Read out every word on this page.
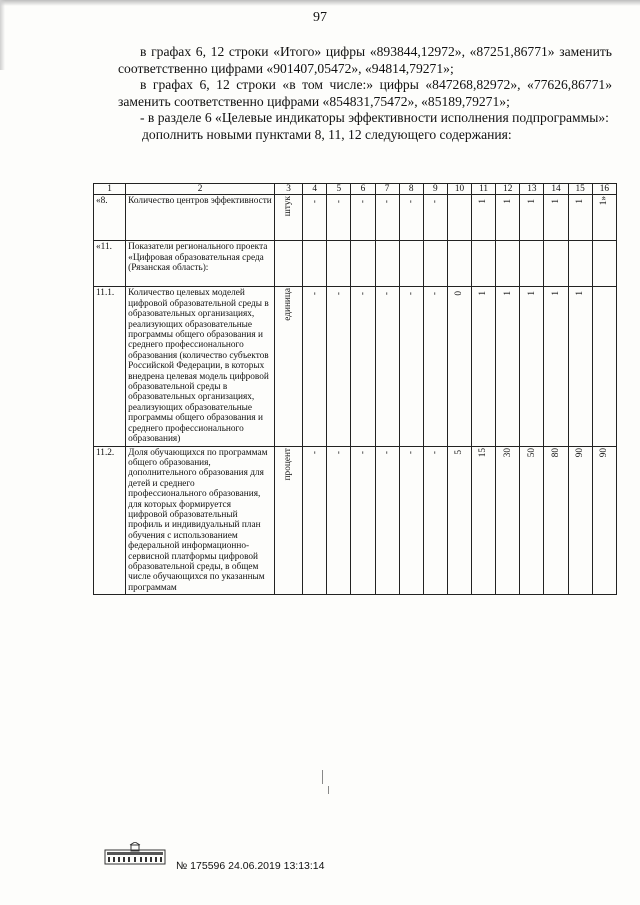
97

в графах 6, 12 строки «Итого» цифры «893844,12972», «87251,86771» заменить соответственно цифрами «901407,05472», «94814,79271»;

в графах 6, 12 строки «в том числе:» цифры «847268,82972», «77626,86771» заменить соответственно цифрами «854831,75472», «85189,79271»;

- в разделе 6 «Целевые индикаторы эффективности исполнения подпрограммы»:

дополнить новыми пунктами 8, 11, 12 следующего содержания:

1	2	3	4	5	6	7	8	9	10	11	12	13	14	15	16
«8.	Количество центров эффективности	штук	-	-	-	-	-	-		1	1	1	1	1	1»
«11.	Показатели регионального проекта «Цифровая образовательная среда (Рязанская область):														
11.1.	Количество целевых моделей цифровой образовательной среды в образовательных организациях, реализующих образовательные программы общего образования и среднего профессионального образования (количество субъектов Российской Федерации, в которых внедрена целевая модель цифровой образовательной среды в образовательных организациях, реализующих образовательные программы общего образования и среднего профессионального образования)	единица	-	-	-	-	-	-	0	1	1	1	1	1	
11.2.	Доля обучающихся по программам общего образования, дополнительного образования для детей и среднего профессионального образования, для которых формируется цифровой образовательный профиль и индивидуальный план обучения с использованием федеральной информационно-сервисной платформы цифровой образовательной среды, в общем числе обучающихся по указанным программам	процент	-	-	-	-	-	-	5	15	30	50	80	90	90
№ 175596 24.06.2019 13:13:14
